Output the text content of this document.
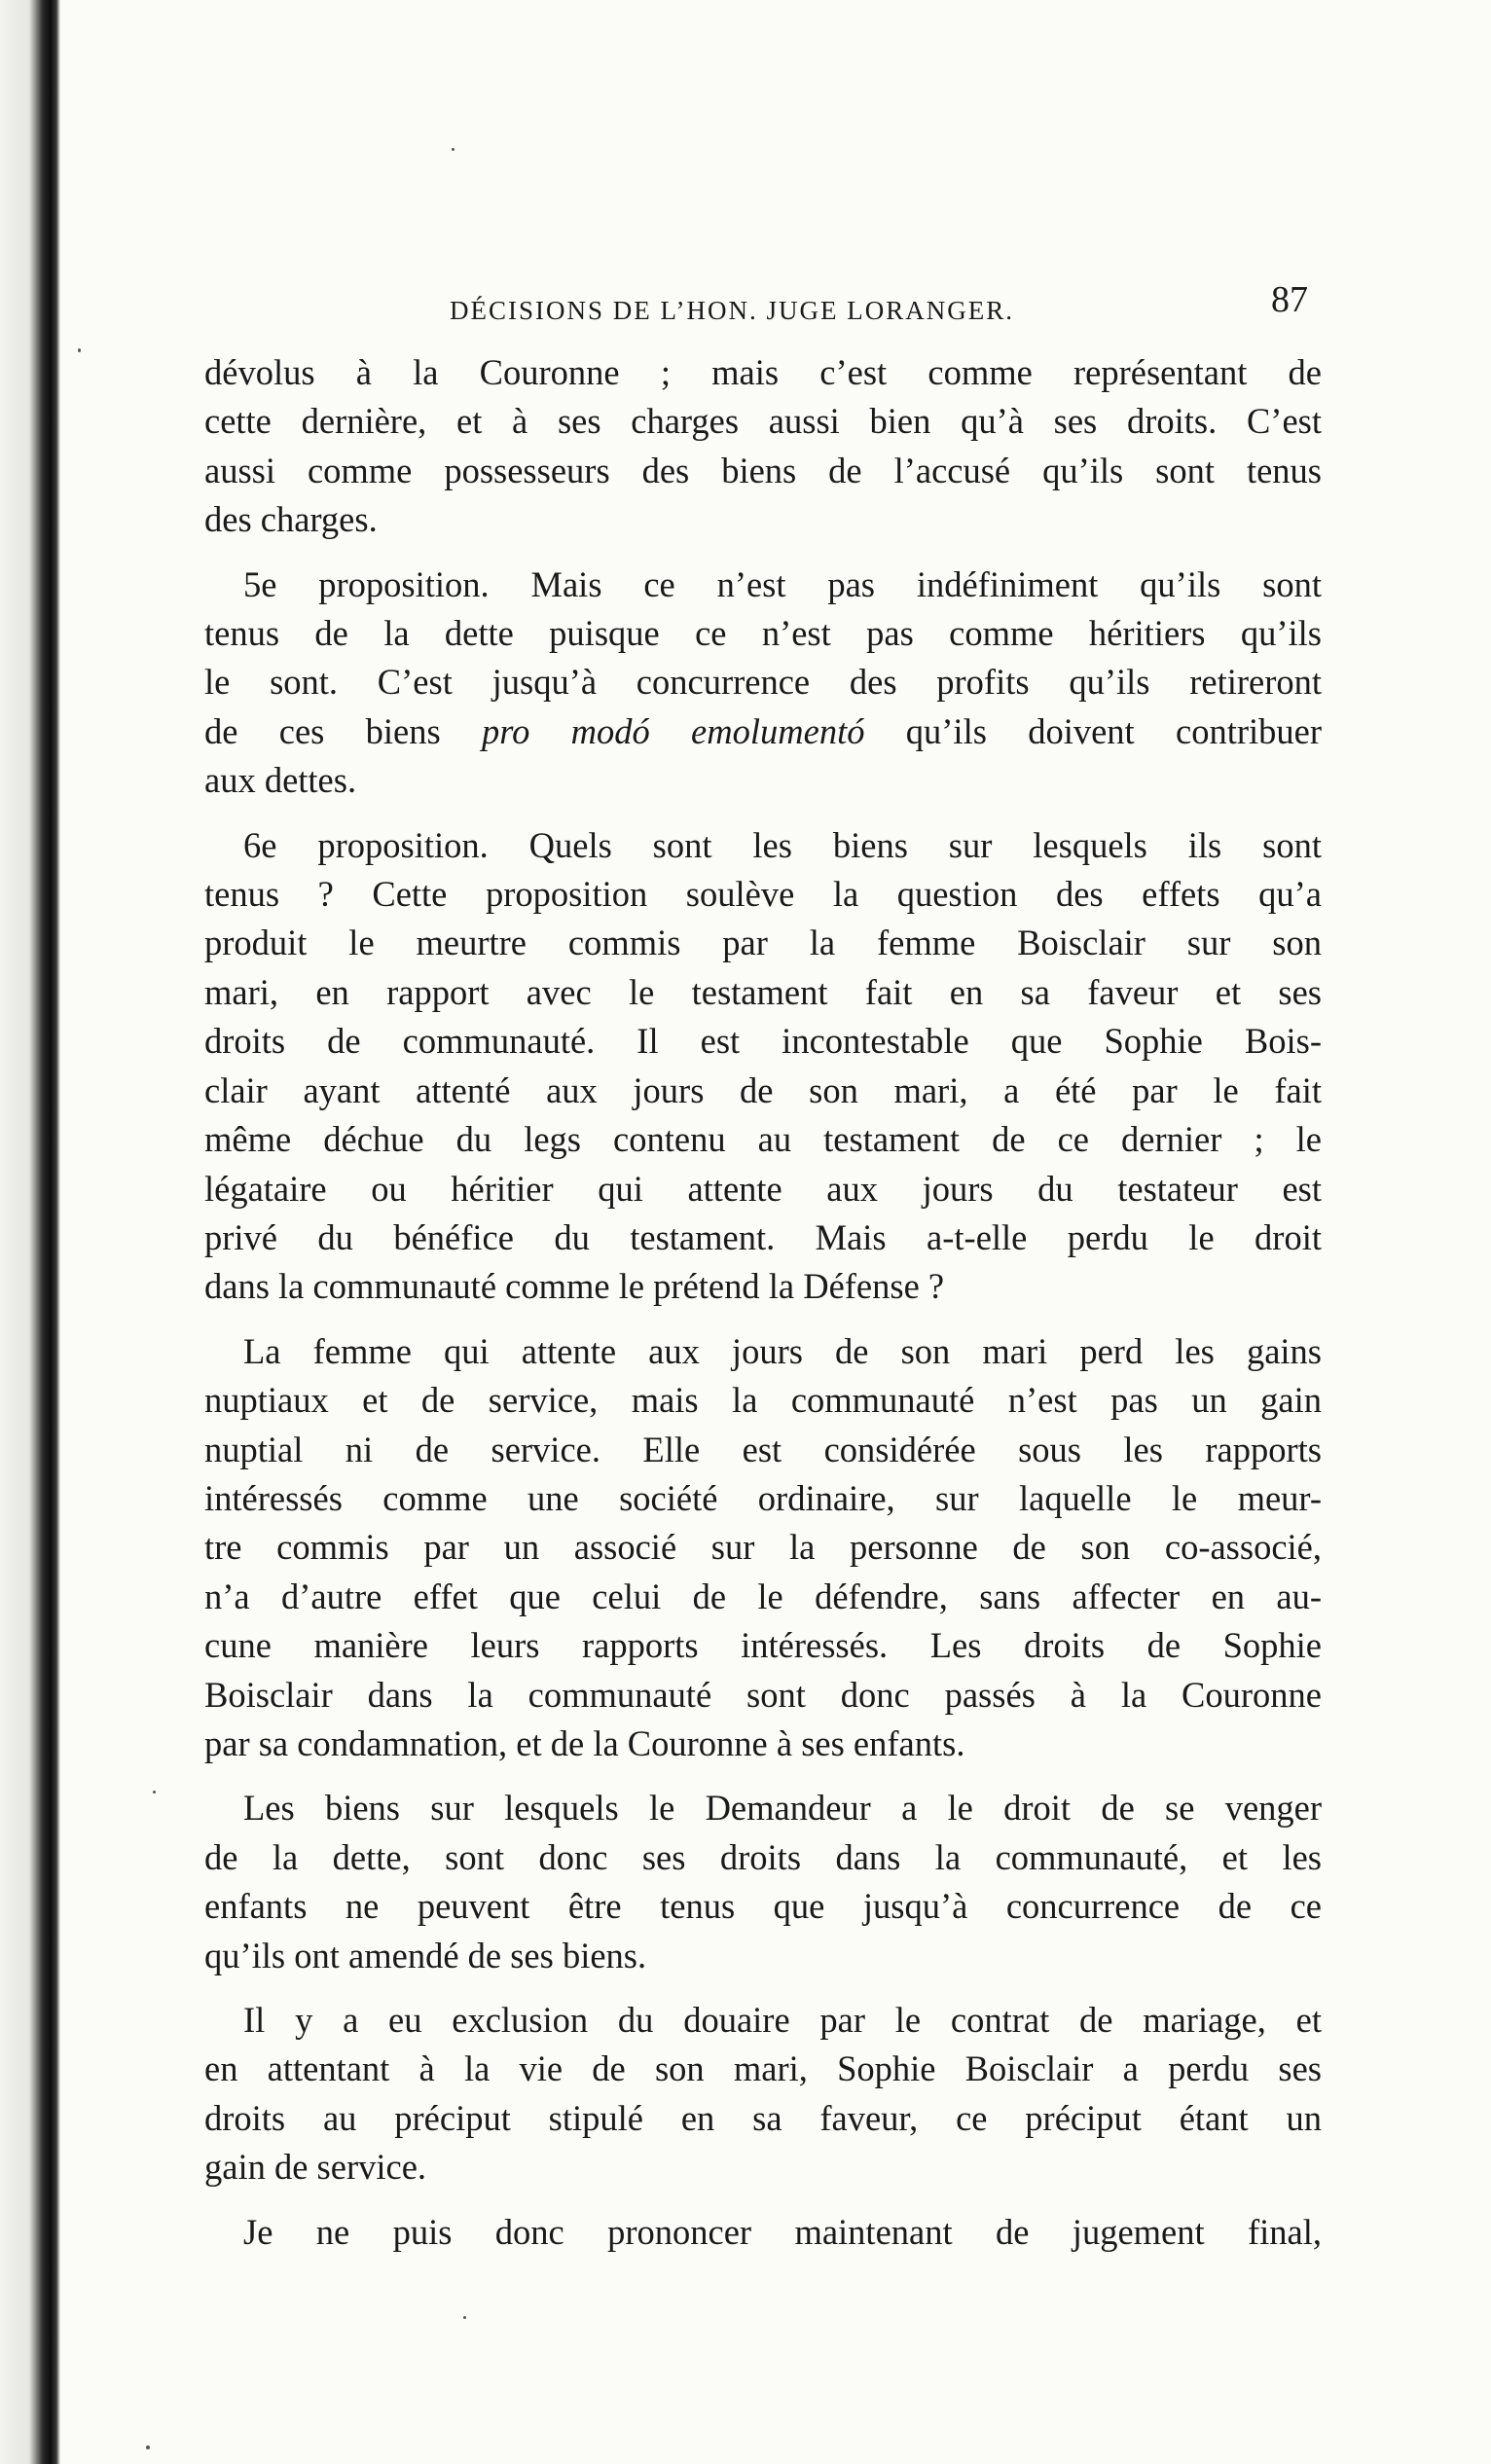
DÉCISIONS DE L’HON. JUGE LORANGER.	87
dévolus à la Couronne ; mais c’est comme représentant de
cette dernière, et à ses charges aussi bien qu’à ses droits. C’est
aussi comme possesseurs des biens de l’accusé qu’ils sont tenus
des charges.
5e proposition. Mais ce n’est pas indéfiniment qu’ils sont
tenus de la dette puisque ce n’est pas comme héritiers qu’ils
le sont. C’est jusqu’à concurrence des profits qu’ils retireront
de ces biens pro modó emolumentó qu’ils doivent contribuer
aux dettes.
6e proposition. Quels sont les biens sur lesquels ils sont
tenus ? Cette proposition soulève la question des effets qu’a
produit le meurtre commis par la femme Boisclair sur son
mari, en rapport avec le testament fait en sa faveur et ses
droits de communauté. Il est incontestable que Sophie Bois-
clair ayant attenté aux jours de son mari, a été par le fait
même déchue du legs contenu au testament de ce dernier ; le
légataire ou héritier qui attente aux jours du testateur est
privé du bénéfice du testament. Mais a-t-elle perdu le droit
dans la communauté comme le prétend la Défense ?
La femme qui attente aux jours de son mari perd les gains
nuptiaux et de service, mais la communauté n’est pas un gain
nuptial ni de service. Elle est considérée sous les rapports
intéressés comme une société ordinaire, sur laquelle le meur-
tre commis par un associé sur la personne de son co-associé,
n’a d’autre effet que celui de le défendre, sans affecter en au-
cune manière leurs rapports intéressés. Les droits de Sophie
Boisclair dans la communauté sont donc passés à la Couronne
par sa condamnation, et de la Couronne à ses enfants.
Les biens sur lesquels le Demandeur a le droit de se venger
de la dette, sont donc ses droits dans la communauté, et les
enfants ne peuvent être tenus que jusqu’à concurrence de ce
qu’ils ont amendé de ses biens.
Il y a eu exclusion du douaire par le contrat de mariage, et
en attentant à la vie de son mari, Sophie Boisclair a perdu ses
droits au préciput stipulé en sa faveur, ce préciput étant un
gain de service.
Je ne puis donc prononcer maintenant de jugement final,
